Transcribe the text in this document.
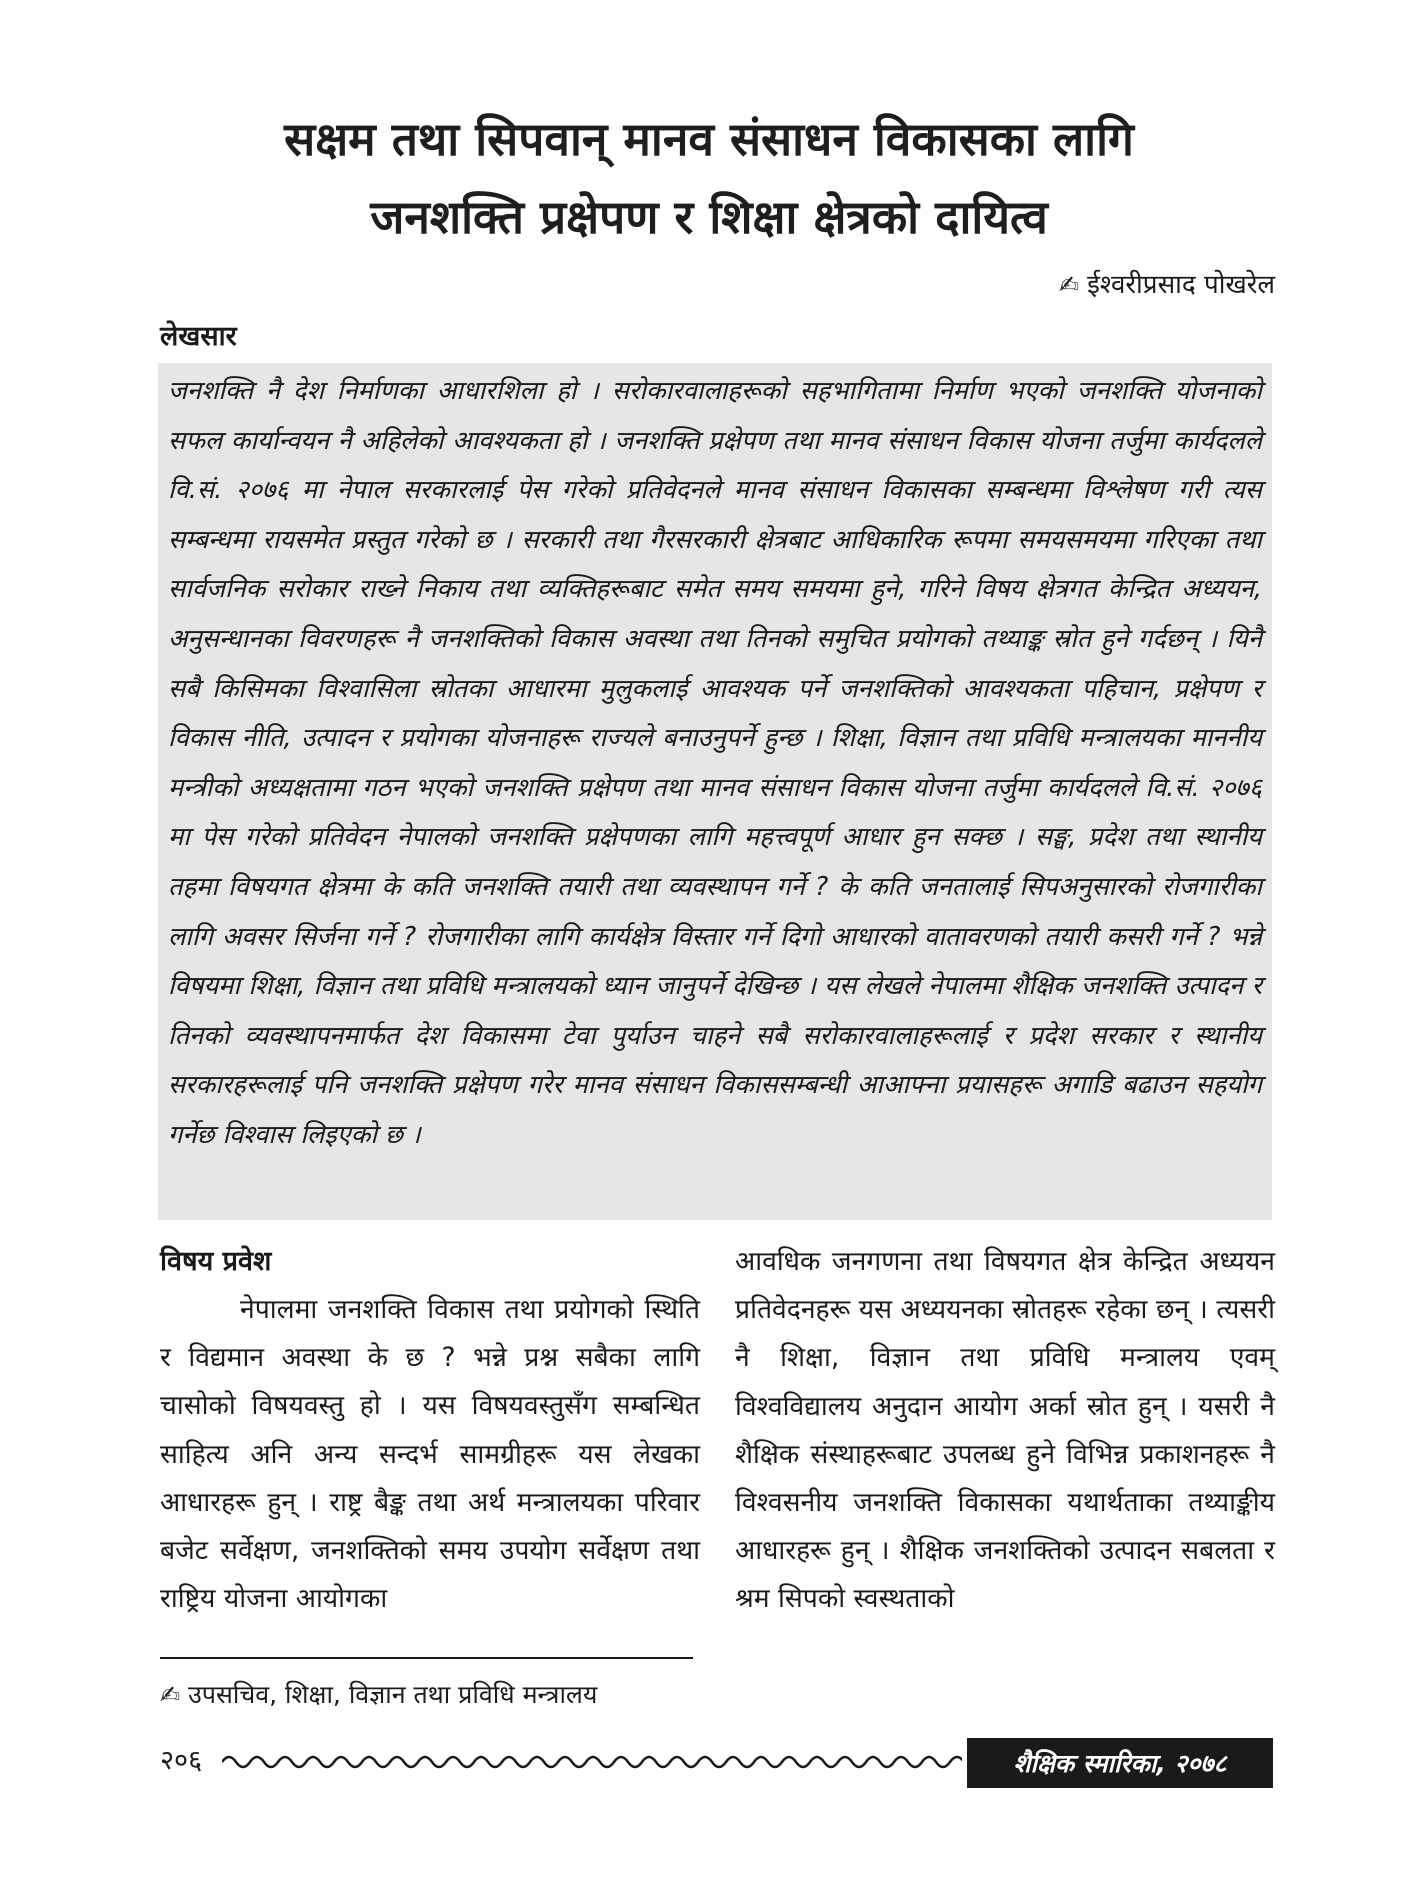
सक्षम तथा सिपवान् मानव संसाधन विकासका लागि
जनशक्ति प्रक्षेपण र शिक्षा क्षेत्रको दायित्व
✍ ईश्वरीप्रसाद पोखरेल
लेखसार

जनशक्ति नै देश निर्माणका आधारशिला हो । सरोकारवालाहरूको सहभागितामा निर्माण भएको जनशक्ति योजनाको सफल कार्यान्वयन नै अहिलेको आवश्यकता हो । जनशक्ति प्रक्षेपण तथा मानव संसाधन विकास योजना तर्जुमा कार्यदलले वि.सं. २०७६ मा नेपाल सरकारलाई पेस गरेको प्रतिवेदनले मानव संसाधन विकासका सम्बन्धमा विश्लेषण गरी त्यस सम्बन्धमा रायसमेत प्रस्तुत गरेको छ । सरकारी तथा गैरसरकारी क्षेत्रबाट आधिकारिक रूपमा समयसमयमा गरिएका तथा सार्वजनिक सरोकार राख्ने निकाय तथा व्यक्तिहरूबाट समेत समय समयमा हुने, गरिने विषय क्षेत्रगत केन्द्रित अध्ययन, अनुसन्धानका विवरणहरू नै जनशक्तिको विकास अवस्था तथा तिनको समुचित प्रयोगको तथ्याङ्क स्रोत हुने गर्दछन् । यिनै सबै किसिमका विश्वासिला स्रोतका आधारमा मुलुकलाई आवश्यक पर्ने जनशक्तिको आवश्यकता पहिचान, प्रक्षेपण र विकास नीति, उत्पादन र प्रयोगका योजनाहरू राज्यले बनाउनुपर्ने हुन्छ । शिक्षा, विज्ञान तथा प्रविधि मन्त्रालयका माननीय मन्त्रीको अध्यक्षतामा गठन भएको जनशक्ति प्रक्षेपण तथा मानव संसाधन विकास योजना तर्जुमा कार्यदलले वि.सं. २०७६ मा पेस गरेको प्रतिवेदन नेपालको जनशक्ति प्रक्षेपणका लागि महत्त्वपूर्ण आधार हुन सक्छ । सङ्घ, प्रदेश तथा स्थानीय तहमा विषयगत क्षेत्रमा के कति जनशक्ति तयारी तथा व्यवस्थापन गर्ने ? के कति जनतालाई सिपअनुसारको रोजगारीका लागि अवसर सिर्जना गर्ने ? रोजगारीका लागि कार्यक्षेत्र विस्तार गर्ने दिगो आधारको वातावरणको तयारी कसरी गर्ने ? भन्ने विषयमा शिक्षा, विज्ञान तथा प्रविधि मन्त्रालयको ध्यान जानुपर्ने देखिन्छ । यस लेखले नेपालमा शैक्षिक जनशक्ति उत्पादन र तिनको व्यवस्थापनमार्फत देश विकासमा टेवा पुर्याउन चाहने सबै सरोकारवालाहरूलाई र प्रदेश सरकार र स्थानीय सरकारहरूलाई पनि जनशक्ति प्रक्षेपण गरेर मानव संसाधन विकाससम्बन्धी आआफ्ना प्रयासहरू अगाडि बढाउन सहयोग गर्नेछ विश्वास लिइएको छ ।

विषय प्रवेश

नेपालमा जनशक्ति विकास तथा प्रयोगको स्थिति र विद्यमान अवस्था के छ ? भन्ने प्रश्न सबैका लागि चासोको विषयवस्तु हो । यस विषयवस्तुसँग सम्बन्धित साहित्य अनि अन्य सन्दर्भ सामग्रीहरू यस लेखका आधारहरू हुन् । राष्ट्र बैङ्क तथा अर्थ मन्त्रालयका परिवार बजेट सर्वेक्षण, जनशक्तिको समय उपयोग सर्वेक्षण तथा राष्ट्रिय योजना आयोगका

आवधिक जनगणना तथा विषयगत क्षेत्र केन्द्रित अध्ययन प्रतिवेदनहरू यस अध्ययनका स्रोतहरू रहेका छन् । त्यसरी नै शिक्षा, विज्ञान तथा प्रविधि मन्त्रालय एवम् विश्वविद्यालय अनुदान आयोग अर्का स्रोत हुन् । यसरी नै शैक्षिक संस्थाहरूबाट उपलब्ध हुने विभिन्न प्रकाशनहरू नै विश्वसनीय जनशक्ति विकासका यथार्थताका तथ्याङ्कीय आधारहरू हुन् । शैक्षिक जनशक्तिको उत्पादन सबलता र श्रम सिपको स्वस्थताको

✍ उपसचिव, शिक्षा, विज्ञान तथा प्रविधि मन्त्रालय
२०६	शैक्षिक स्मारिका, २०७८
